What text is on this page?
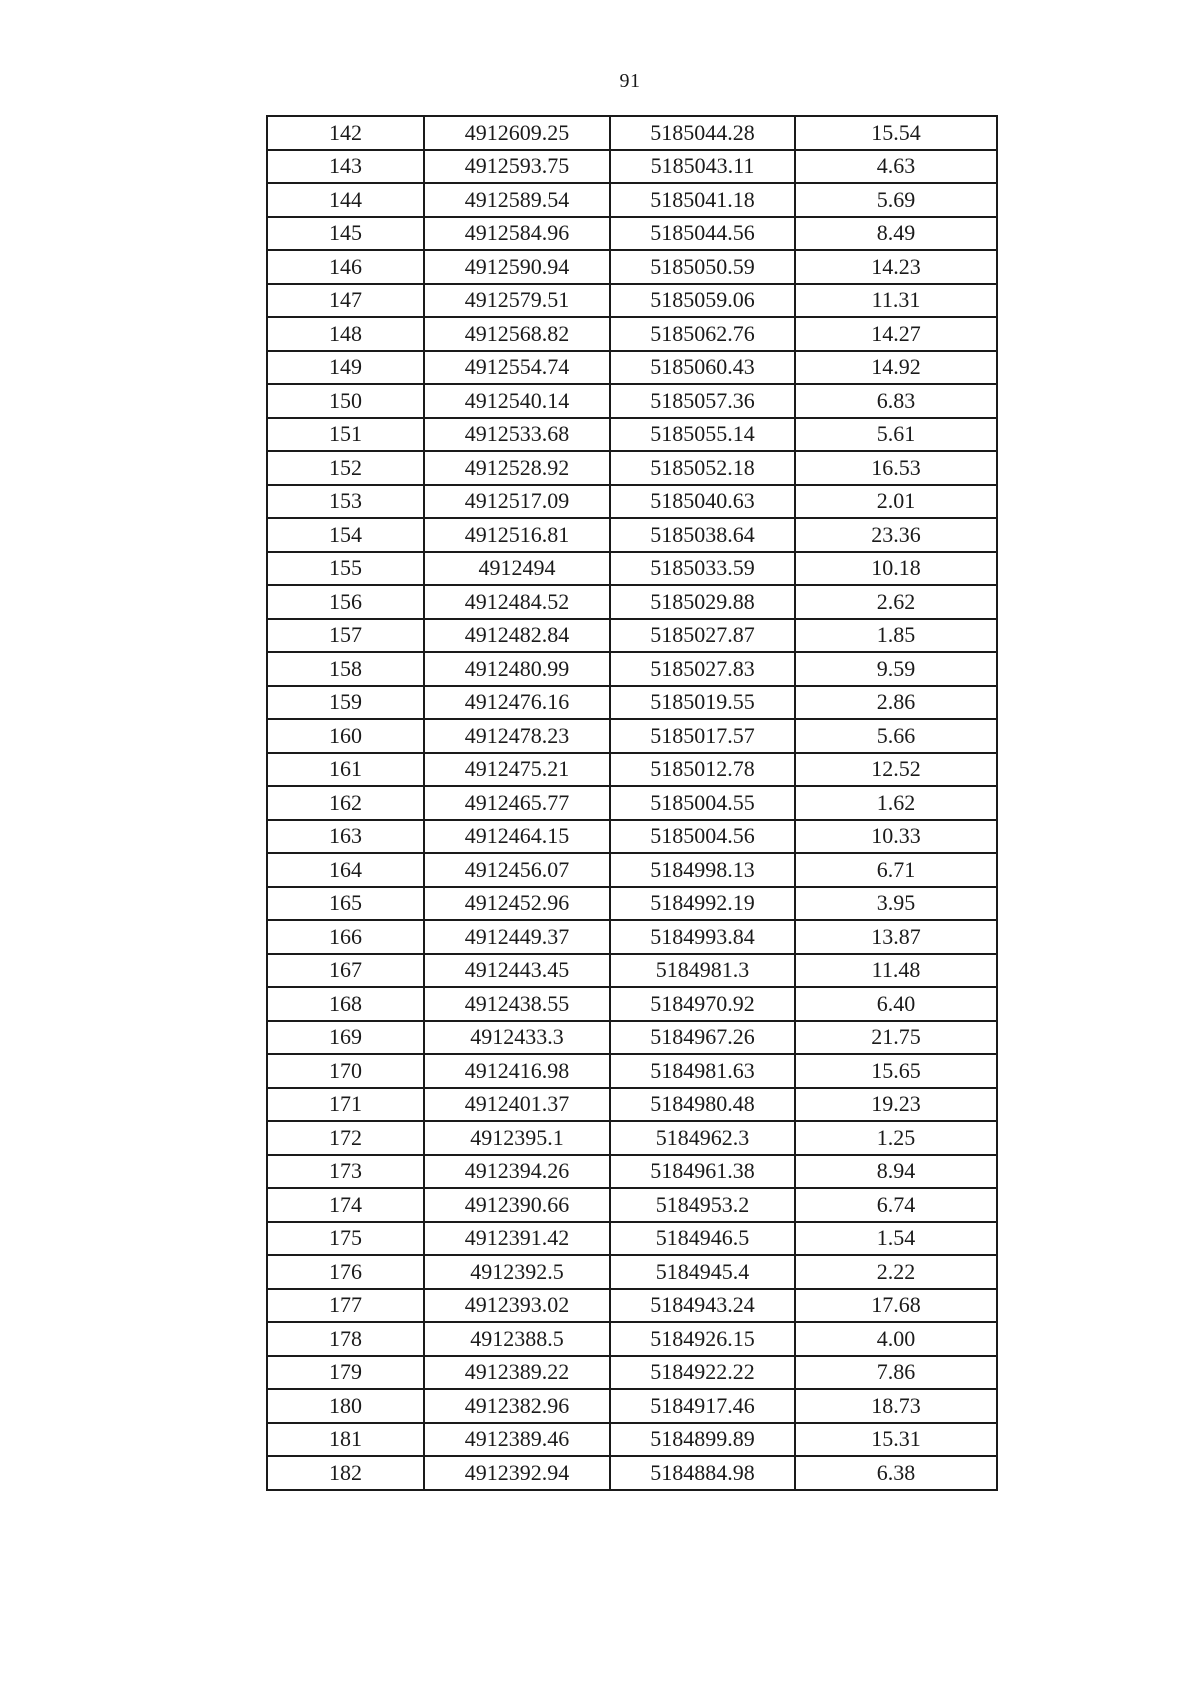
91
142	4912609.25	5185044.28	15.54
143	4912593.75	5185043.11	4.63
144	4912589.54	5185041.18	5.69
145	4912584.96	5185044.56	8.49
146	4912590.94	5185050.59	14.23
147	4912579.51	5185059.06	11.31
148	4912568.82	5185062.76	14.27
149	4912554.74	5185060.43	14.92
150	4912540.14	5185057.36	6.83
151	4912533.68	5185055.14	5.61
152	4912528.92	5185052.18	16.53
153	4912517.09	5185040.63	2.01
154	4912516.81	5185038.64	23.36
155	4912494	5185033.59	10.18
156	4912484.52	5185029.88	2.62
157	4912482.84	5185027.87	1.85
158	4912480.99	5185027.83	9.59
159	4912476.16	5185019.55	2.86
160	4912478.23	5185017.57	5.66
161	4912475.21	5185012.78	12.52
162	4912465.77	5185004.55	1.62
163	4912464.15	5185004.56	10.33
164	4912456.07	5184998.13	6.71
165	4912452.96	5184992.19	3.95
166	4912449.37	5184993.84	13.87
167	4912443.45	5184981.3	11.48
168	4912438.55	5184970.92	6.40
169	4912433.3	5184967.26	21.75
170	4912416.98	5184981.63	15.65
171	4912401.37	5184980.48	19.23
172	4912395.1	5184962.3	1.25
173	4912394.26	5184961.38	8.94
174	4912390.66	5184953.2	6.74
175	4912391.42	5184946.5	1.54
176	4912392.5	5184945.4	2.22
177	4912393.02	5184943.24	17.68
178	4912388.5	5184926.15	4.00
179	4912389.22	5184922.22	7.86
180	4912382.96	5184917.46	18.73
181	4912389.46	5184899.89	15.31
182	4912392.94	5184884.98	6.38
